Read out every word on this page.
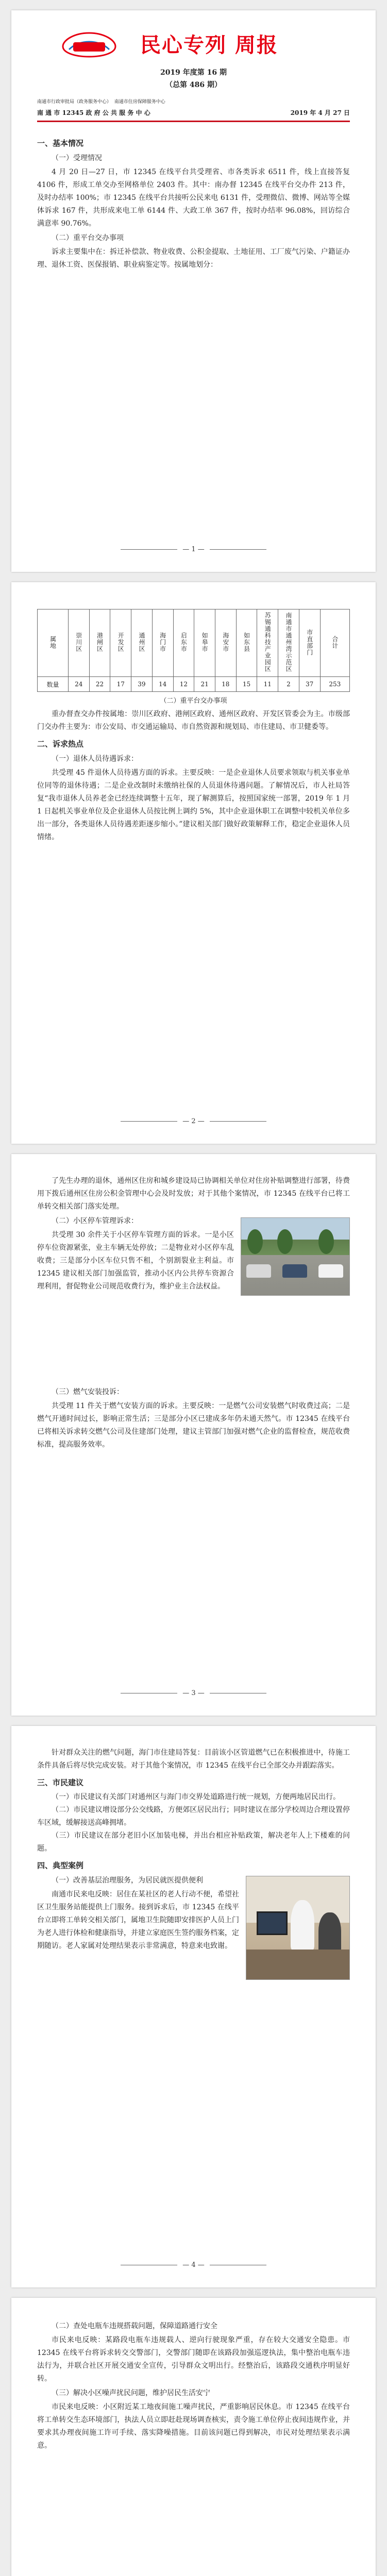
民心专列 周报
2019 年度第 16 期
（总第 486 期）
南通市行政审批局（政务服务中心） 南通市住房保障服务中心
南 通 市 12345 政 府 公 共 服 务 中 心	2019 年 4 月 27 日
一、基本情况
（一）受理情况

4 月 20 日—27 日，市 12345 在线平台共受理省、市各类诉求 6511 件，线上直接答复 4106 件，形成工单交办至网格单位 2403 件。其中：南办督 12345 在线平台交办件 213 件，及时办结率 100%；市 12345 在线平台共接听公民来电 6131 件，受理微信、微博、网站等全媒体诉求 167 件，共形成来电工单 6144 件、大政工单 367 件，按时办结率 96.08%，回访综合满意率 90.76%。

（二）重平台交办事项

诉求主要集中在：拆迁补偿款、物业收费、公积金提取、土地征用、工厂废气污染、户籍证办理、退休工资、医保报销、职业病鉴定等。按属地划分：

— 1 —
属地	崇川区	港闸区	开发区	通州区	海门市	启东市	如皋市	海安市	如东县	苏锡通科技产业园区	南通市通州湾示范区	市直部门	合计
数量	24	22	17	39	14	12	21	18	15	11	2	37	253
（二）重平台交办事项

重办督查交办件按属地：崇川区政府、港闸区政府、通州区政府、开发区管委会为主。市级部门交办件主要为：市公安局、市交通运输局、市自然资源和规划局、市住建局、市卫健委等。

二、诉求热点
（一）退休人员待遇诉求：

共受理 45 件退休人员待遇方面的诉求。主要反映：一是企业退休人员要求领取与机关事业单位同等的退休待遇；二是企业改制时未缴纳社保的人员退休待遇问题。了解情况后，市人社局答复“我市退休人员养老金已经连续调整十五年，现了解测算后，按照国家统一部署，2019 年 1 月 1 日起机关事业单位及企业退休人员按比例上调约 5%，其中企业退休职工在调整中较机关单位多出一部分，各类退休人员待遇差距逐步缩小。”建议相关部门做好政策解释工作，稳定企业退休人员情绪。

— 2 —

了先生办理的退休，通州区住房和城乡建设局已协调相关单位对住房补贴调整进行部署，待费用下拨后通州区住房公积金管理中心会及时发放；对于其他个案情况，市 12345 在线平台已将工单转交相关部门落实处理。

（二）小区停车管理诉求：

共受理 30 余件关于小区停车管理方面的诉求。一是小区停车位资源紧张，业主车辆无处停放；二是物业对小区停车乱收费；三是部分小区车位只售不租，个别割裂业主利益。市 12345 建议相关部门加强监管，推动小区内公共停车资源合理利用，督促物业公司规范收费行为，维护业主合法权益。

（三）燃气安装投诉：

共受理 11 件关于燃气安装方面的诉求。主要反映：一是燃气公司安装燃气时收费过高；二是燃气开通时间过长，影响正常生活；三是部分小区已建成多年仍未通天然气。市 12345 在线平台已将相关诉求转交燃气公司及住建部门处理，建议主管部门加强对燃气企业的监督检查，规范收费标准，提高服务效率。

— 3 —

针对群众关注的燃气问题，海门市住建局答复：目前该小区管道燃气已在积极推进中，待施工条件具备后将尽快完成安装。对于其他个案情况，市 12345 在线平台已全部交办并跟踪落实。

三、市民建议

（一）市民建议有关部门对通州区与海门市交界处道路进行统一规划，方便两地居民出行。

（二）市民建议增设部分公交线路，方便郊区居民出行；同时建议在部分学校周边合理设置停车区域，缓解接送高峰拥堵。

（三）市民建议在部分老旧小区加装电梯，并出台相应补贴政策，解决老年人上下楼难的问题。

四、典型案例
（一）改善基层治理服务，为居民就医提供便利

南通市民来电反映：居住在某社区的老人行动不便，希望社区卫生服务站能提供上门服务。接到诉求后，市 12345 在线平台立即将工单转交相关部门，属地卫生院随即安排医护人员上门为老人进行体检和健康指导，并建立家庭医生签约服务档案，定期随访。老人家属对处理结果表示非常满意，特意来电致谢。

— 4 —
（二）查处电瓶车违规搭载问题，保障道路通行安全

市民来电反映：某路段电瓶车违规载人、逆向行驶现象严重，存在较大交通安全隐患。市 12345 在线平台将诉求转交交警部门，交警部门随即在该路段加强巡逻执法，集中整治电瓶车违法行为，并联合社区开展交通安全宣传，引导群众文明出行。经整治后，该路段交通秩序明显好转。

（三）解决小区噪声扰民问题，维护居民生活安宁

市民来电反映：小区附近某工地夜间施工噪声扰民，严重影响居民休息。市 12345 在线平台将工单转交生态环境部门，执法人员立即赶赴现场调查核实，责令施工单位停止夜间违规作业，并要求其办理夜间施工许可手续、落实降噪措施。目前该问题已得到解决，市民对处理结果表示满意。
